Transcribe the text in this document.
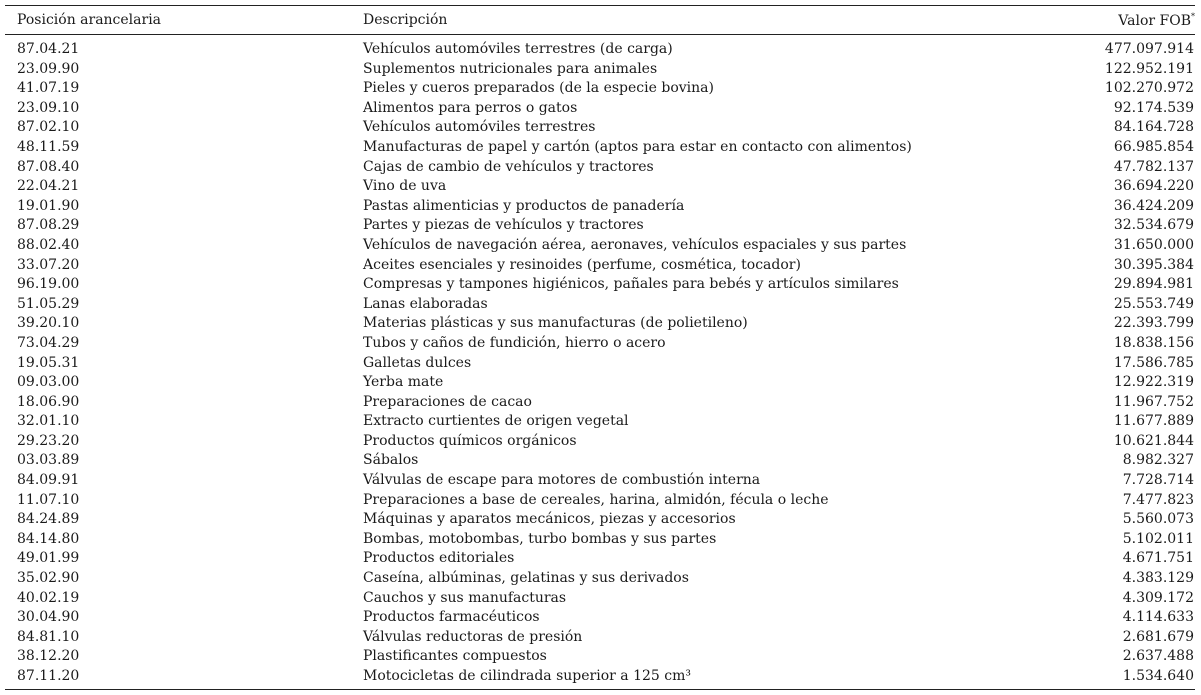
Posición arancelaria	Descripción	Valor FOB*
87.04.21	Vehículos automóviles terrestres (de carga)	477.097.914
23.09.90	Suplementos nutricionales para animales	122.952.191
41.07.19	Pieles y cueros preparados (de la especie bovina)	102.270.972
23.09.10	Alimentos para perros o gatos	92.174.539
87.02.10	Vehículos automóviles terrestres	84.164.728
48.11.59	Manufacturas de papel y cartón (aptos para estar en contacto con alimentos)	66.985.854
87.08.40	Cajas de cambio de vehículos y tractores	47.782.137
22.04.21	Vino de uva	36.694.220
19.01.90	Pastas alimenticias y productos de panadería	36.424.209
87.08.29	Partes y piezas de vehículos y tractores	32.534.679
88.02.40	Vehículos de navegación aérea, aeronaves, vehículos espaciales y sus partes	31.650.000
33.07.20	Aceites esenciales y resinoides (perfume, cosmética, tocador)	30.395.384
96.19.00	Compresas y tampones higiénicos, pañales para bebés y artículos similares	29.894.981
51.05.29	Lanas elaboradas	25.553.749
39.20.10	Materias plásticas y sus manufacturas (de polietileno)	22.393.799
73.04.29	Tubos y caños de fundición, hierro o acero	18.838.156
19.05.31	Galletas dulces	17.586.785
09.03.00	Yerba mate	12.922.319
18.06.90	Preparaciones de cacao	11.967.752
32.01.10	Extracto curtientes de origen vegetal	11.677.889
29.23.20	Productos químicos orgánicos	10.621.844
03.03.89	Sábalos	8.982.327
84.09.91	Válvulas de escape para motores de combustión interna	7.728.714
11.07.10	Preparaciones a base de cereales, harina, almidón, fécula o leche	7.477.823
84.24.89	Máquinas y aparatos mecánicos, piezas y accesorios	5.560.073
84.14.80	Bombas, motobombas, turbo bombas y sus partes	5.102.011
49.01.99	Productos editoriales	4.671.751
35.02.90	Caseína, albúminas, gelatinas y sus derivados	4.383.129
40.02.19	Cauchos y sus manufacturas	4.309.172
30.04.90	Productos farmacéuticos	4.114.633
84.81.10	Válvulas reductoras de presión	2.681.679
38.12.20	Plastificantes compuestos	2.637.488
87.11.20	Motocicletas de cilindrada superior a 125 cm³	1.534.640
